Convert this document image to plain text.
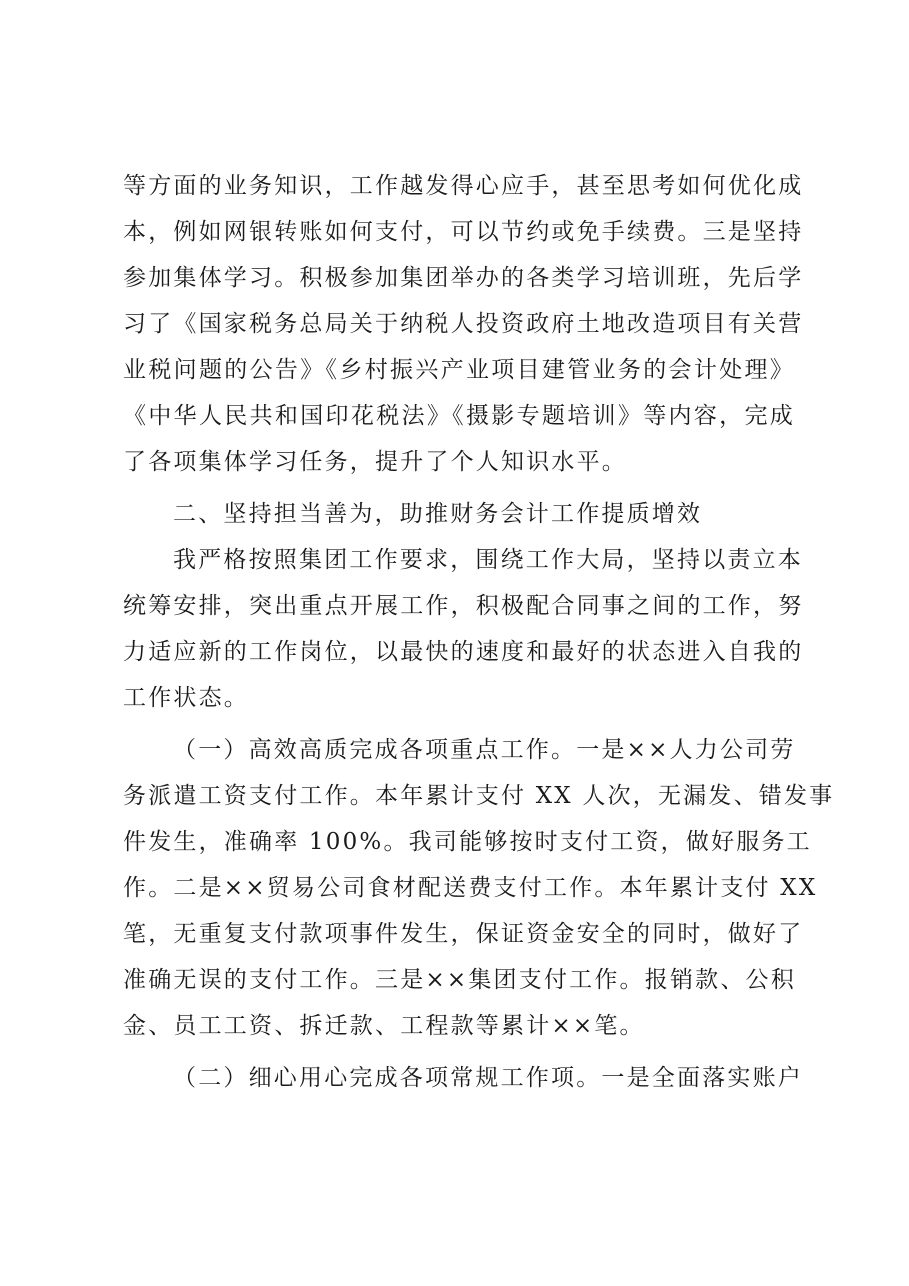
等方面的业务知识，工作越发得心应手，甚至思考如何优化成
本，例如网银转账如何支付，可以节约或免手续费。三是坚持
参加集体学习。积极参加集团举办的各类学习培训班，先后学
习了《国家税务总局关于纳税人投资政府土地改造项目有关营
业税问题的公告》《乡村振兴产业项目建管业务的会计处理》
《中华人民共和国印花税法》《摄影专题培训》等内容，完成
了各项集体学习任务，提升了个人知识水平。

二、坚持担当善为，助推财务会计工作提质增效

我严格按照集团工作要求，围绕工作大局，坚持以责立本
统筹安排，突出重点开展工作，积极配合同事之间的工作，努
力适应新的工作岗位，以最快的速度和最好的状态进入自我的
工作状态。

（一）高效高质完成各项重点工作。一是××人力公司劳
务派遣工资支付工作。本年累计支付 XX 人次，无漏发、错发事
件发生，准确率 100%。我司能够按时支付工资，做好服务工
作。二是××贸易公司食材配送费支付工作。本年累计支付 XX
笔，无重复支付款项事件发生，保证资金安全的同时，做好了
准确无误的支付工作。三是××集团支付工作。报销款、公积
金、员工工资、拆迁款、工程款等累计××笔。

（二）细心用心完成各项常规工作项。一是全面落实账户
